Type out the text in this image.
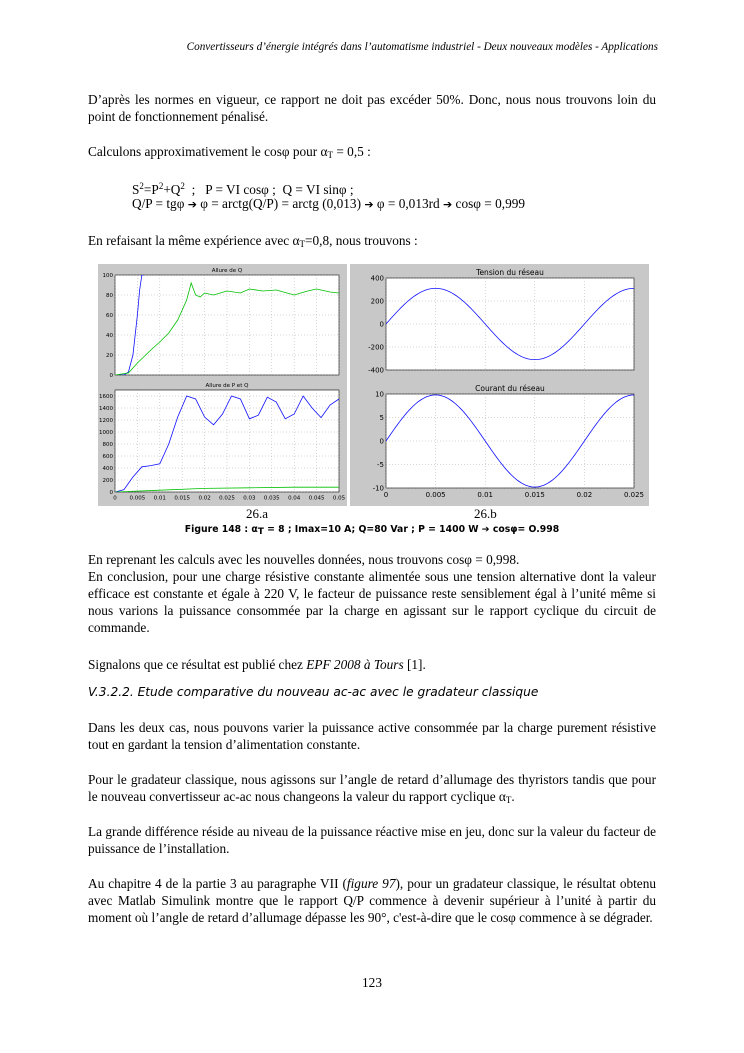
Convertisseurs d’énergie intégrés dans l’automatisme industriel - Deux nouveaux modèles - Applications

D’après les normes en vigueur, ce rapport ne doit pas excéder 50%. Donc, nous nous trouvons loin du point de fonctionnement pénalisé.

Calculons approximativement le cosφ pour $\alpha_T = 0,5$ :

$S^2=P^2+Q^2$  ;   P = VI cosφ ;  Q = VI sinφ ;
Q/P = tgφ ➔ φ = arctg(Q/P) = arctg (0,013) ➔ φ = 0,013rd ➔ cosφ = 0,999

En refaisant la même expérience avec $\alpha_T=0,8$, nous trouvons :

0
20
40
60
80
100
Allure de Q
0
200
400
600
800
1000
1200
1400
1600
0 0.005 0.01 0.015 0.02 0.025 0.03 0.035 0.04 0.045 0.05
Allure de P et Q
-400
-200
0
200
400
Tension du réseau
-10
-5
0
5
10
0	0.005	0.01	0.015	0.02	0.025
Courant du réseau
26.a	26.b
Figure 148 : αT = 8 ; Imax=10 A; Q=80 Var ; P = 1400 W ➔ cosφ= O.998

En reprenant les calculs avec les nouvelles données, nous trouvons cosφ = 0,998.

En conclusion, pour une charge résistive constante alimentée sous une tension alternative dont la valeur efficace est constante et égale à 220 V, le facteur de puissance reste sensiblement égal à l’unité même si nous varions la puissance consommée par la charge en agissant sur le rapport cyclique du circuit de commande.

Signalons que ce résultat est publié chez EPF 2008 à Tours [1].

V.3.2.2. Etude comparative du nouveau ac-ac avec le gradateur classique

Dans les deux cas, nous pouvons varier la puissance active consommée par la charge purement résistive tout en gardant la tension d’alimentation constante.

Pour le gradateur classique, nous agissons sur l’angle de retard d’allumage des thyristors tandis que pour le nouveau convertisseur ac-ac nous changeons la valeur du rapport cyclique $\alpha_T$.

La grande différence réside au niveau de la puissance réactive mise en jeu, donc sur la valeur du facteur de puissance de l’installation.

Au chapitre 4 de la partie 3 au paragraphe VII (figure 97), pour un gradateur classique, le résultat obtenu avec Matlab Simulink montre que le rapport Q/P commence à devenir supérieur à l’unité à partir du moment où l’angle de retard d’allumage dépasse les 90°, c'est-à-dire que le cosφ commence à se dégrader.

123
